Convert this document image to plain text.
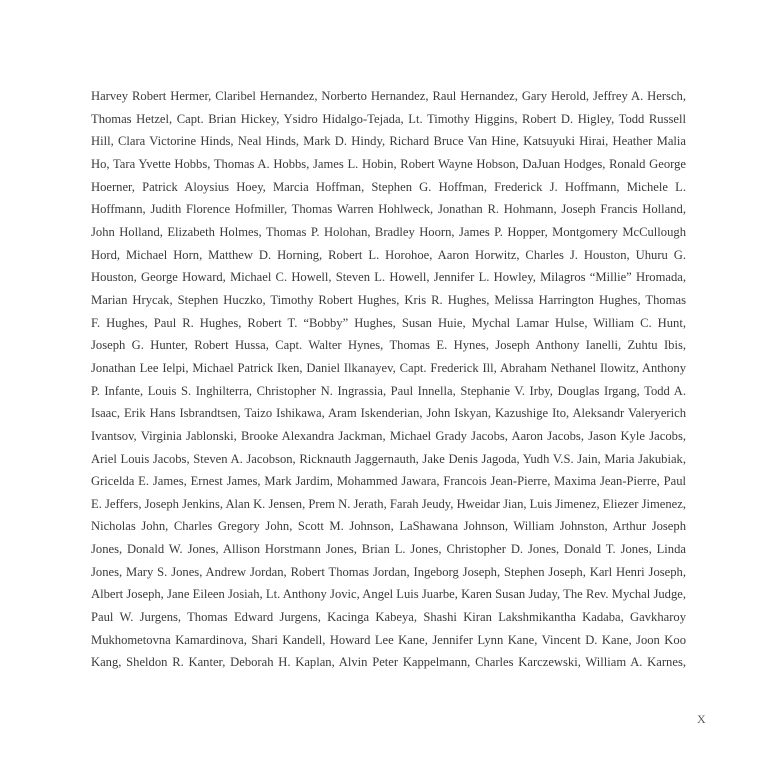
Harvey Robert Hermer, Claribel Hernandez, Norberto Hernandez, Raul Hernandez, Gary Herold, Jeffrey A. Hersch,
Thomas Hetzel, Capt. Brian Hickey, Ysidro Hidalgo-Tejada, Lt. Timothy Higgins, Robert D. Higley, Todd Russell
Hill, Clara Victorine Hinds, Neal Hinds, Mark D. Hindy, Richard Bruce Van Hine, Katsuyuki Hirai, Heather Malia
Ho, Tara Yvette Hobbs, Thomas A. Hobbs, James L. Hobin, Robert Wayne Hobson, DaJuan Hodges, Ronald George
Hoerner, Patrick Aloysius Hoey, Marcia Hoffman, Stephen G. Hoffman, Frederick J. Hoffmann, Michele L.
Hoffmann, Judith Florence Hofmiller, Thomas Warren Hohlweck, Jonathan R. Hohmann, Joseph Francis Holland,
John Holland, Elizabeth Holmes, Thomas P. Holohan, Bradley Hoorn, James P. Hopper, Montgomery McCullough
Hord, Michael Horn, Matthew D. Horning, Robert L. Horohoe, Aaron Horwitz, Charles J. Houston, Uhuru G.
Houston, George Howard, Michael C. Howell, Steven L. Howell, Jennifer L. Howley, Milagros “Millie” Hromada,
Marian Hrycak, Stephen Huczko, Timothy Robert Hughes, Kris R. Hughes, Melissa Harrington Hughes, Thomas
F. Hughes, Paul R. Hughes, Robert T. “Bobby” Hughes, Susan Huie, Mychal Lamar Hulse, William C. Hunt,
Joseph G. Hunter, Robert Hussa, Capt. Walter Hynes, Thomas E. Hynes, Joseph Anthony Ianelli, Zuhtu Ibis,
Jonathan Lee Ielpi, Michael Patrick Iken, Daniel Ilkanayev, Capt. Frederick Ill, Abraham Nethanel Ilowitz, Anthony
P. Infante, Louis S. Inghilterra, Christopher N. Ingrassia, Paul Innella, Stephanie V. Irby, Douglas Irgang, Todd A.
Isaac, Erik Hans Isbrandtsen, Taizo Ishikawa, Aram Iskenderian, John Iskyan, Kazushige Ito, Aleksandr Valeryerich
Ivantsov, Virginia Jablonski, Brooke Alexandra Jackman, Michael Grady Jacobs, Aaron Jacobs, Jason Kyle Jacobs,
Ariel Louis Jacobs, Steven A. Jacobson, Ricknauth Jaggernauth, Jake Denis Jagoda, Yudh V.S. Jain, Maria Jakubiak,
Gricelda E. James, Ernest James, Mark Jardim, Mohammed Jawara, Francois Jean-Pierre, Maxima Jean-Pierre, Paul
E. Jeffers, Joseph Jenkins, Alan K. Jensen, Prem N. Jerath, Farah Jeudy, Hweidar Jian, Luis Jimenez, Eliezer Jimenez,
Nicholas John, Charles Gregory John, Scott M. Johnson, LaShawana Johnson, William Johnston, Arthur Joseph
Jones, Donald W. Jones, Allison Horstmann Jones, Brian L. Jones, Christopher D. Jones, Donald T. Jones, Linda
Jones, Mary S. Jones, Andrew Jordan, Robert Thomas Jordan, Ingeborg Joseph, Stephen Joseph, Karl Henri Joseph,
Albert Joseph, Jane Eileen Josiah, Lt. Anthony Jovic, Angel Luis Juarbe, Karen Susan Juday, The Rev. Mychal Judge,
Paul W. Jurgens, Thomas Edward Jurgens, Kacinga Kabeya, Shashi Kiran Lakshmikantha Kadaba, Gavkharoy
Mukhometovna Kamardinova, Shari Kandell, Howard Lee Kane, Jennifer Lynn Kane, Vincent D. Kane, Joon Koo
Kang, Sheldon R. Kanter, Deborah H. Kaplan, Alvin Peter Kappelmann, Charles Karczewski, William A. Karnes,
X
